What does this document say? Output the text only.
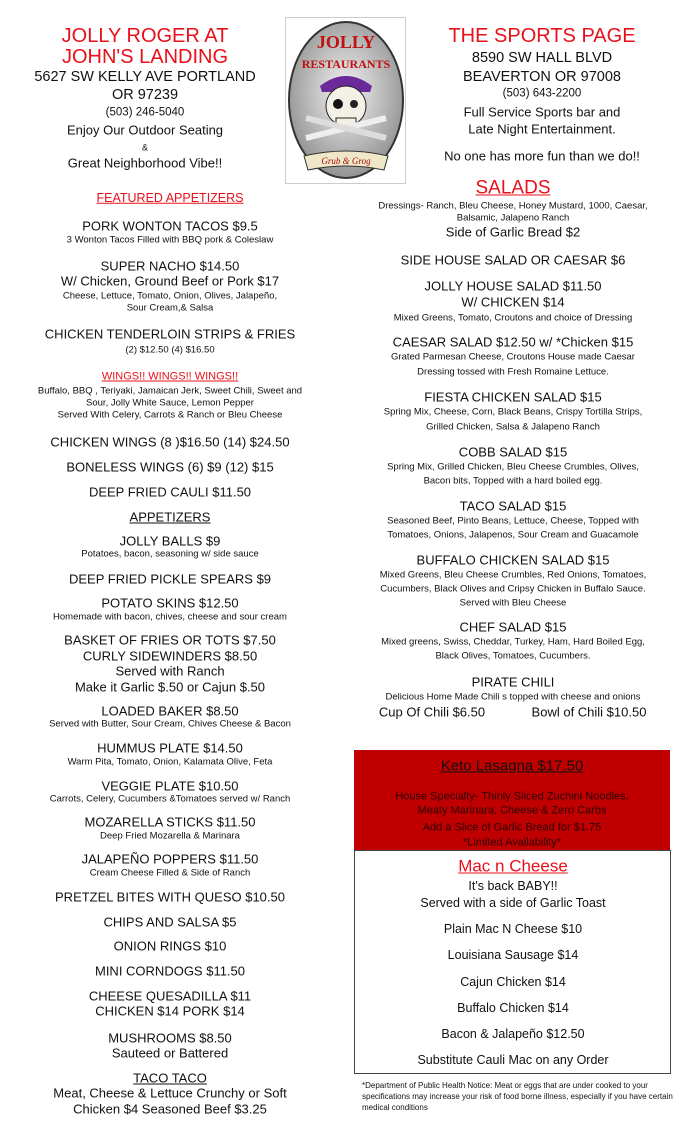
JOLLY
RESTAURANTS
Grub & Grog
*Department of Public Health Notice: Meat or eggs that are under cooked to your specifications may increase your risk of food borne illness, especially if you have certain medical conditions
JOLLY ROGER AT
JOHN'S LANDING
5627 SW KELLY AVE PORTLAND
OR 97239
(503) 246-5040
Enjoy Our Outdoor Seating
&
Great Neighborhood Vibe!!
FEATURED APPETIZERS
PORK WONTON TACOS $9.5
3 Wonton Tacos Filled with BBQ pork & Coleslaw
SUPER NACHO $14.50
W/ Chicken, Ground Beef or Pork $17
Cheese, Lettuce, Tomato, Onion, Olives, Jalapeño,
Sour Cream,& Salsa
CHICKEN TENDERLOIN STRIPS & FRIES
(2) $12.50 (4) $16.50
WINGS!! WINGS!! WINGS!!
Buffalo, BBQ , Teriyaki, Jamaican Jerk, Sweet Chili, Sweet and
Sour, Jolly White Sauce, Lemon Pepper
Served With Celery, Carrots & Ranch or Bleu Cheese
CHICKEN WINGS (8 )$16.50 (14) $24.50
BONELESS WINGS (6) $9 (12) $15
DEEP FRIED CAULI $11.50
APPETIZERS
JOLLY BALLS $9
Potatoes, bacon, seasoning w/ side sauce
DEEP FRIED PICKLE SPEARS $9
POTATO SKINS $12.50
Homemade with bacon, chives, cheese and sour cream
BASKET OF FRIES OR TOTS $7.50
CURLY SIDEWINDERS $8.50
Served with Ranch
Make it Garlic $.50 or Cajun $.50
LOADED BAKER $8.50
Served with Butter, Sour Cream, Chives Cheese & Bacon
HUMMUS PLATE $14.50
Warm Pita, Tomato, Onion, Kalamata Olive, Feta
VEGGIE PLATE $10.50
Carrots, Celery, Cucumbers &Tomatoes served w/ Ranch
MOZARELLA STICKS $11.50
Deep Fried Mozarella & Marinara
JALAPEÑO POPPERS $11.50
Cream Cheese Filled & Side of Ranch
PRETZEL BITES WITH QUESO $10.50
CHIPS AND SALSA $5
ONION RINGS $10
MINI CORNDOGS $11.50
CHEESE QUESADILLA $11
CHICKEN $14 PORK $14
MUSHROOMS $8.50
Sauteed or Battered
TACO TACO
Meat, Cheese & Lettuce Crunchy or Soft
Chicken $4 Seasoned Beef $3.25
THE SPORTS PAGE
8590 SW HALL BLVD
BEAVERTON OR 97008
(503) 643-2200
Full Service Sports bar and
Late Night Entertainment.
No one has more fun than we do!!
SALADS
Dressings- Ranch, Bleu Cheese, Honey Mustard, 1000, Caesar,
Balsamic, Jalapeno Ranch
Side of Garlic Bread $2
SIDE HOUSE SALAD OR CAESAR $6
JOLLY HOUSE SALAD $11.50
W/ CHICKEN $14
Mixed Greens, Tomato, Croutons and choice of Dressing
CAESAR SALAD $12.50 w/ *Chicken $15
Grated Parmesan Cheese, Croutons House made Caesar
Dressing tossed with Fresh Romaine Lettuce.
FIESTA CHICKEN SALAD $15
Spring Mix, Cheese, Corn, Black Beans, Crispy Tortilla Strips,
Grilled Chicken, Salsa & Jalapeno Ranch
COBB SALAD $15
Spring Mix, Grilled Chicken, Bleu Cheese Crumbles, Olives,
Bacon bits, Topped with a hard boiled egg.
TACO SALAD $15
Seasoned Beef, Pinto Beans, Lettuce, Cheese, Topped with
Tomatoes, Onions, Jalapenos, Sour Cream and Guacamole
BUFFALO CHICKEN SALAD $15
Mixed Greens, Bleu Cheese Crumbles, Red Onions, Tomatoes,
Cucumbers, Black Olives and Cripsy Chicken in Buffalo Sauce.
Served with Bleu Cheese
CHEF SALAD $15
Mixed greens, Swiss, Cheddar, Turkey, Ham, Hard Boiled Egg,
Black Olives, Tomatoes, Cucumbers.
PIRATE CHILI
Delicious Home Made Chili s topped with cheese and onions
Cup Of Chili $6.50	Bowl of Chili $10.50
Keto Lasagna $17.50
House Specialty- Thinly Sliced Zuchini Noodles,
Meaty Marinara, Cheese & Zero Carbs
Add a Slice of Garlic Bread for $1.75
*Limited Availability*
Mac n Cheese
It's back BABY!!
Served with a side of Garlic Toast
Plain Mac N Cheese $10
Louisiana Sausage $14
Cajun Chicken $14
Buffalo Chicken $14
Bacon & Jalapeño $12.50
Substitute Cauli Mac on any Order
